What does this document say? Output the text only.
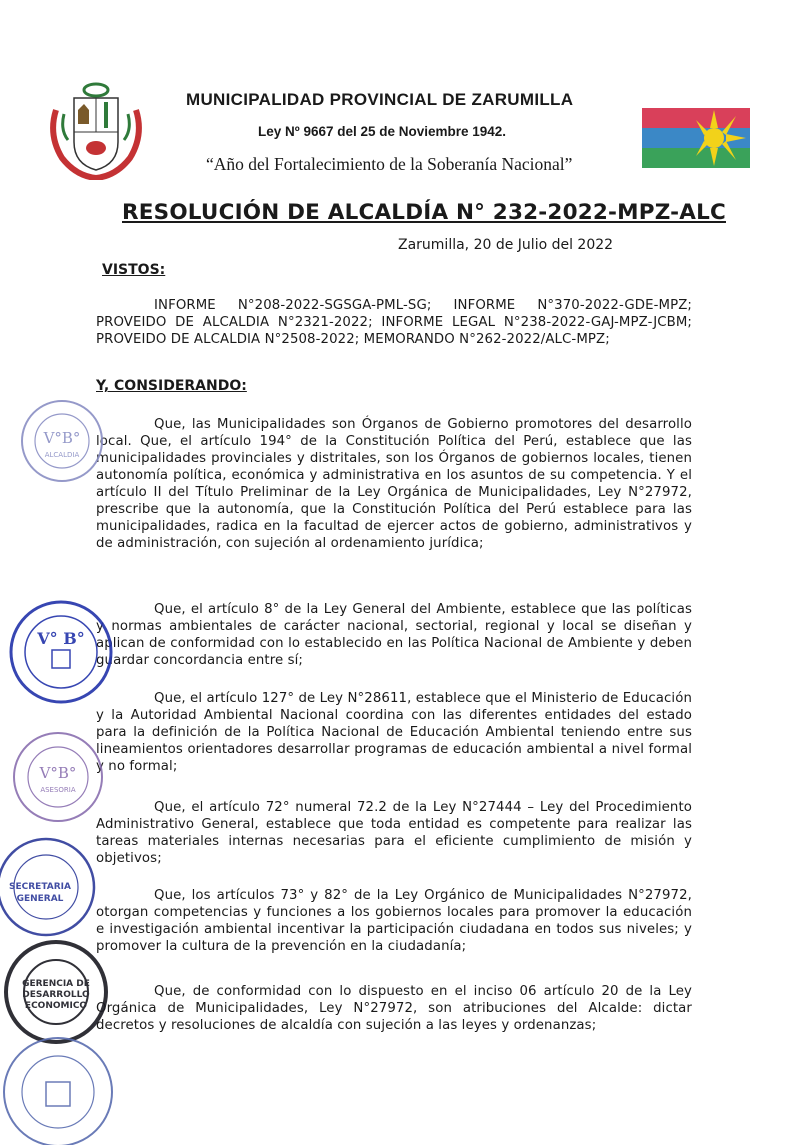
MUNICIPALIDAD PROVINCIAL DE ZARUMILLA
Ley Nº 9667 del 25 de Noviembre 1942.
“Año del Fortalecimiento de la Soberanía Nacional”
RESOLUCIÓN DE ALCALDÍA N° 232-2022-MPZ-ALC
Zarumilla, 20 de Julio del 2022
VISTOS:

INFORME N°208-2022-SGSGA-PML-SG; INFORME N°370-2022-GDE-MPZ; PROVEIDO DE ALCALDIA N°2321-2022; INFORME LEGAL N°238-2022-GAJ-MPZ-JCBM; PROVEIDO DE ALCALDIA N°2508-2022; MEMORANDO N°262-2022/ALC-MPZ;

Y, CONSIDERANDO:

Que, las Municipalidades son Órganos de Gobierno promotores del desarrollo local. Que, el artículo 194° de la Constitución Política del Perú, establece que las municipalidades provinciales y distritales, son los Órganos de gobiernos locales, tienen autonomía política, económica y administrativa en los asuntos de su competencia. Y el artículo II del Título Preliminar de la Ley Orgánica de Municipalidades, Ley N°27972, prescribe que la autonomía, que la Constitución Política del Perú establece para las municipalidades, radica en la facultad de ejercer actos de gobierno, administrativos y de administración, con sujeción al ordenamiento jurídica;

Que, el artículo 8° de la Ley General del Ambiente, establece que las políticas y normas ambientales de carácter nacional, sectorial, regional y local se diseñan y aplican de conformidad con lo establecido en las Política Nacional de Ambiente y deben guardar concordancia entre sí;

Que, el artículo 127° de Ley N°28611, establece que el Ministerio de Educación y la Autoridad Ambiental Nacional coordina con las diferentes entidades del estado para la definición de la Política Nacional de Educación Ambiental teniendo entre sus lineamientos orientadores desarrollar programas de educación ambiental a nivel formal y no formal;

Que, el artículo 72° numeral 72.2 de la Ley N°27444 – Ley del Procedimiento Administrativo General, establece que toda entidad es competente para realizar las tareas materiales internas necesarias para el eficiente cumplimiento de misión y objetivos;

Que, los artículos 73° y 82° de la Ley Orgánico de Municipalidades N°27972, otorgan competencias y funciones a los gobiernos locales para promover la educación e investigación ambiental incentivar la participación ciudadana en todos sus niveles; y promover la cultura de la prevención en la ciudadanía;

Que, de conformidad con lo dispuesto en el inciso 06 artículo 20 de la Ley Orgánica de Municipalidades, Ley N°27972, son atribuciones del Alcalde: dictar decretos y resoluciones de alcaldía con sujeción a las leyes y ordenanzas;

V°B°
ALCALDIA
V° B°
V°B°
ASESORIA
SECRETARIA
GENERAL
GERENCIA DE
DESARROLLO
ECONOMICO
